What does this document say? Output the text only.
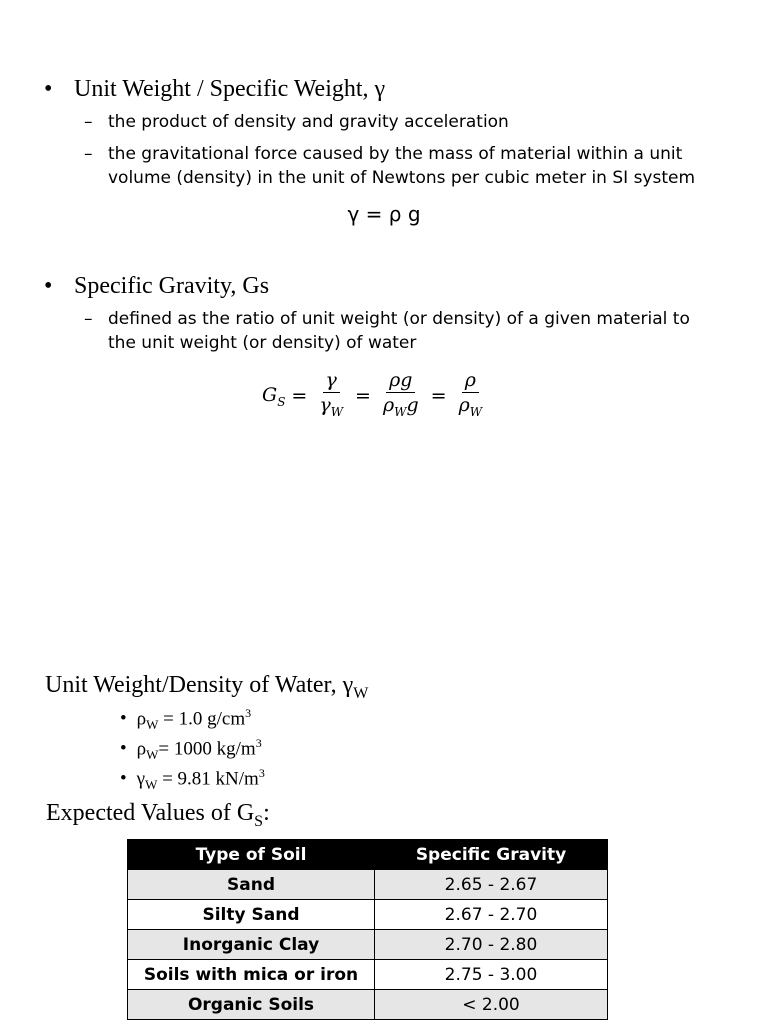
• Unit Weight / Specific Weight, γ
– the product of density and gravity acceleration
– the gravitational force caused by the mass of material within a unit volume (density) in the unit of Newtons per cubic meter in SI system
γ = ρ g
• Specific Gravity, Gs
– defined as the ratio of unit weight (or density) of a given material to the unit weight (or density) of water
$G_S = \frac{\gamma}{\gamma_W} = \frac{\rho g}{\rho_Wg} = \frac{\rho}{\rho_W}$
Unit Weight/Density of Water, $\gamma_W$
• $\rho_W = 1.0$ $g/cm^3$
• $\rho_W= 1000$ $kg/m^3$
• $\gamma_W = 9.81$ $kN/m^3$
Expected Values of $G_S$:
Type of Soil	Specific Gravity
Sand	2.65 - 2.67
Silty Sand	2.67 - 2.70
Inorganic Clay	2.70 - 2.80
Soils with mica or iron	2.75 - 3.00
Organic Soils	< 2.00
